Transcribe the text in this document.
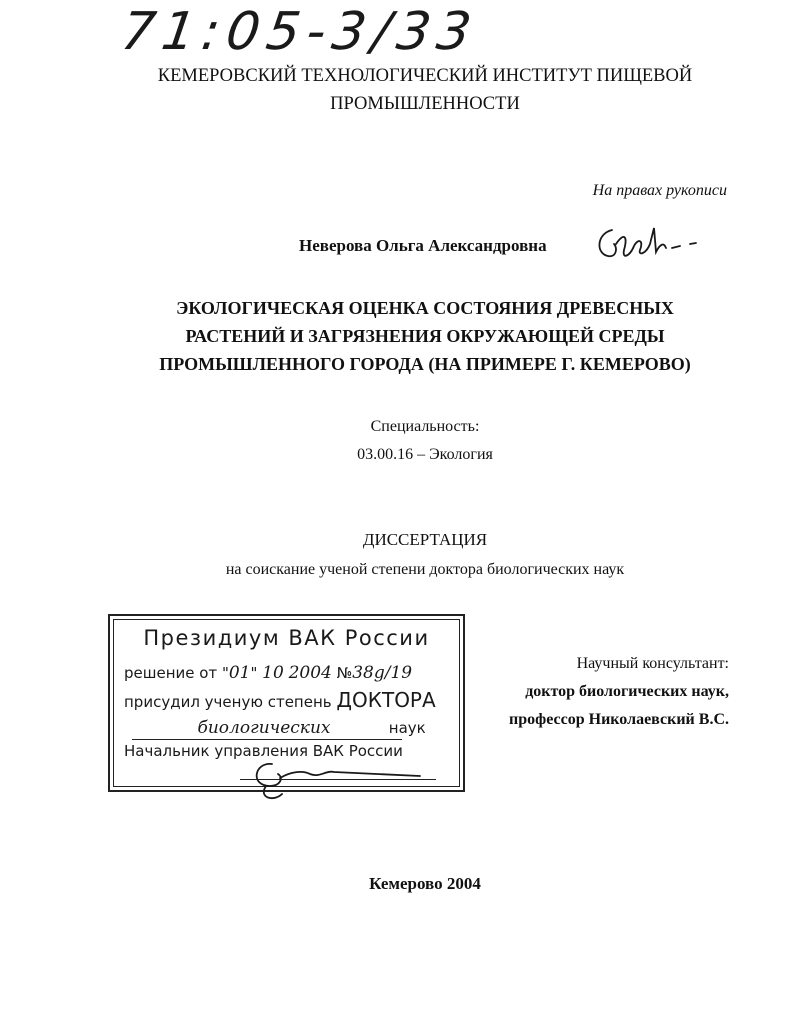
71:05-3/33
КЕМЕРОВСКИЙ ТЕХНОЛОГИЧЕСКИЙ ИНСТИТУТ ПИЩЕВОЙ
ПРОМЫШЛЕННОСТИ
На правах рукописи
Неверова Ольга Александровна
ЭКОЛОГИЧЕСКАЯ ОЦЕНКА СОСТОЯНИЯ ДРЕВЕСНЫХ
РАСТЕНИЙ И ЗАГРЯЗНЕНИЯ ОКРУЖАЮЩЕЙ СРЕДЫ
ПРОМЫШЛЕННОГО ГОРОДА (НА ПРИМЕРЕ Г. КЕМЕРОВО)
Специальность:
03.00.16 – Экология
ДИССЕРТАЦИЯ
на соискание ученой степени доктора биологических наук
Президиум ВАК России
решение от "01" 10 2004 №38g/19
присудил ученую степень ДОКТОРА
биологических	наук
Начальник управления ВАК России
Научный консультант:
доктор биологических наук,
профессор Николаевский В.С.
Кемерово 2004
